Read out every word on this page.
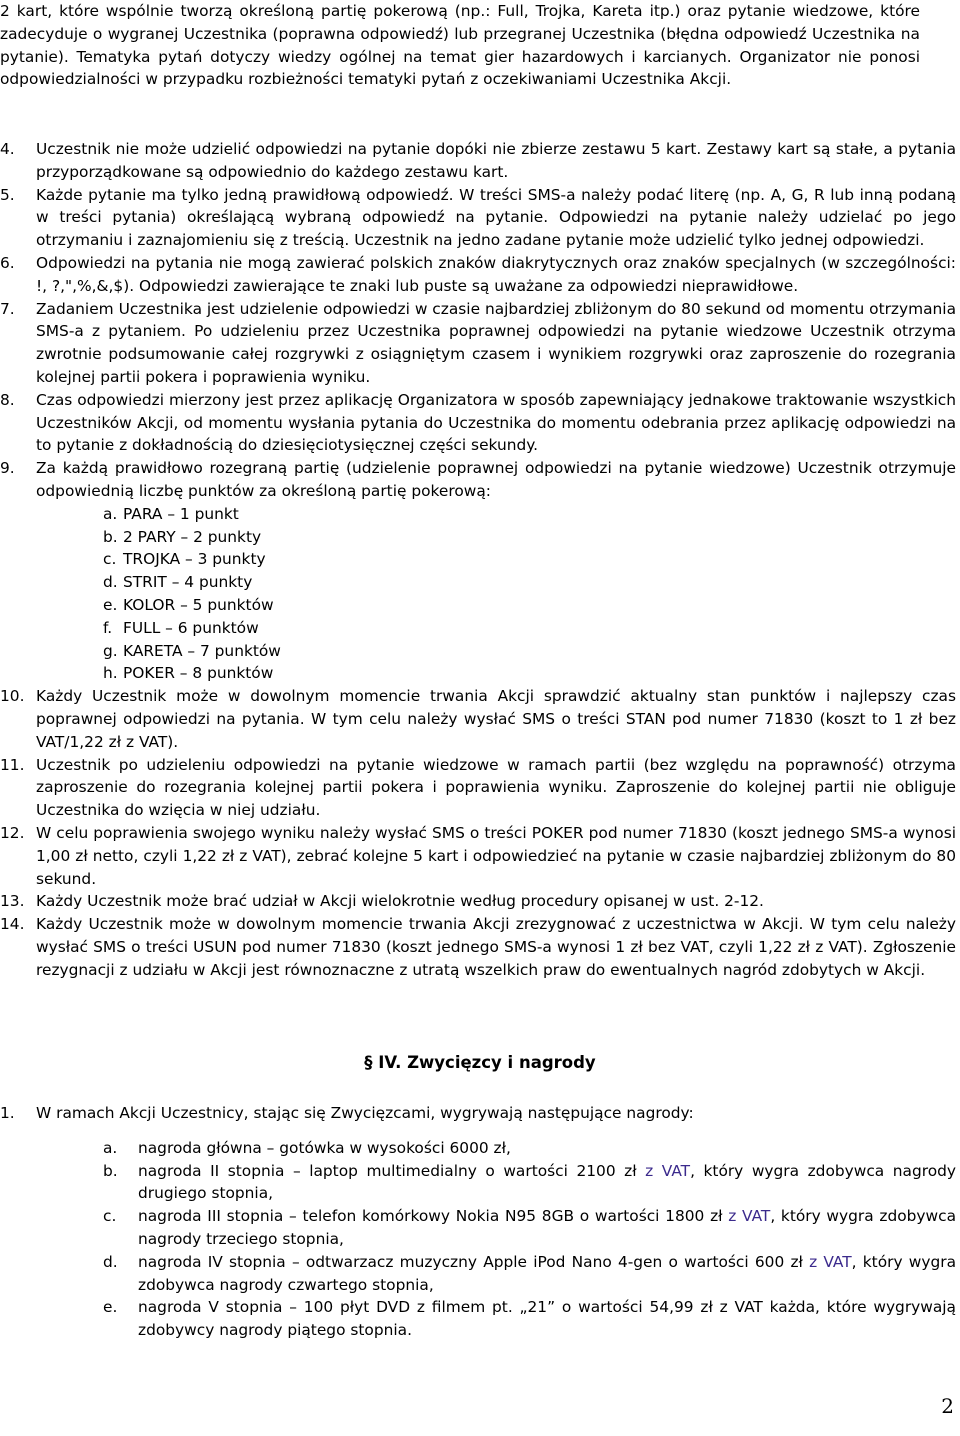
2 kart, które wspólnie tworzą określoną partię pokerową (np.: Full, Trojka, Kareta itp.) oraz pytanie wiedzowe, które zadecyduje o wygranej Uczestnika (poprawna odpowiedź) lub przegranej Uczestnika (błędna odpowiedź Uczestnika na pytanie). Tematyka pytań dotyczy wiedzy ogólnej na temat gier hazardowych i karcianych. Organizator nie ponosi odpowiedzialności w przypadku rozbieżności tematyki pytań z oczekiwaniami Uczestnika Akcji.

4.	Uczestnik nie może udzielić odpowiedzi na pytanie dopóki nie zbierze zestawu 5 kart. Zestawy kart są stałe, a pytania przyporządkowane są odpowiednio do każdego zestawu kart.
5.	Każde pytanie ma tylko jedną prawidłową odpowiedź. W treści SMS-a należy podać literę (np. A, G, R lub inną podaną w treści pytania) określającą wybraną odpowiedź na pytanie. Odpowiedzi na pytanie należy udzielać po jego otrzymaniu i zaznajomieniu się z treścią. Uczestnik na jedno zadane pytanie może udzielić tylko jednej odpowiedzi.
6.	Odpowiedzi na pytania nie mogą zawierać polskich znaków diakrytycznych oraz znaków specjalnych (w szczególności: !, ?,",%,&,$). Odpowiedzi zawierające te znaki lub puste są uważane za odpowiedzi nieprawidłowe.
7.	Zadaniem Uczestnika jest udzielenie odpowiedzi w czasie najbardziej zbliżonym do 80 sekund od momentu otrzymania SMS-a z pytaniem. Po udzieleniu przez Uczestnika poprawnej odpowiedzi na pytanie wiedzowe Uczestnik otrzyma zwrotnie podsumowanie całej rozgrywki z osiągniętym czasem i wynikiem rozgrywki oraz zaproszenie do rozegrania kolejnej partii pokera i poprawienia wyniku.
8.	Czas odpowiedzi mierzony jest przez aplikację Organizatora w sposób zapewniający jednakowe traktowanie wszystkich Uczestników Akcji, od momentu wysłania pytania do Uczestnika do momentu odebrania przez aplikację odpowiedzi na to pytanie z dokładnością do dziesięciotysięcznej części sekundy.
9.	Za każdą prawidłowo rozegraną partię (udzielenie poprawnej odpowiedzi na pytanie wiedzowe) Uczestnik otrzymuje odpowiednią liczbę punktów za określoną partię pokerową:
a. PARA – 1 punkt
b. 2 PARY – 2 punkty
c. TROJKA – 3 punkty
d. STRIT – 4 punkty
e. KOLOR – 5 punktów
f. FULL – 6 punktów
g. KARETA – 7 punktów
h. POKER – 8 punktów
10. Każdy Uczestnik może w dowolnym momencie trwania Akcji sprawdzić aktualny stan punktów i najlepszy czas poprawnej odpowiedzi na pytania. W tym celu należy wysłać SMS o treści STAN pod numer 71830 (koszt to 1 zł bez VAT/1,22 zł z VAT).
11. Uczestnik po udzieleniu odpowiedzi na pytanie wiedzowe w ramach partii (bez względu na poprawność) otrzyma zaproszenie do rozegrania kolejnej partii pokera i poprawienia wyniku. Zaproszenie do kolejnej partii nie obliguje Uczestnika do wzięcia w niej udziału.
12. W celu poprawienia swojego wyniku należy wysłać SMS o treści POKER pod numer 71830 (koszt jednego SMS-a wynosi 1,00 zł netto, czyli 1,22 zł z VAT), zebrać kolejne 5 kart i odpowiedzieć na pytanie w czasie najbardziej zbliżonym do 80 sekund.
13. Każdy Uczestnik może brać udział w Akcji wielokrotnie według procedury opisanej w ust. 2-12.
14. Każdy Uczestnik może w dowolnym momencie trwania Akcji zrezygnować z uczestnictwa w Akcji. W tym celu należy wysłać SMS o treści USUN pod numer 71830 (koszt jednego SMS-a wynosi 1 zł bez VAT, czyli 1,22 zł z VAT). Zgłoszenie rezygnacji z udziału w Akcji jest równoznaczne z utratą wszelkich praw do ewentualnych nagród zdobytych w Akcji.

§ IV. Zwycięzcy i nagrody

1.	W ramach Akcji Uczestnicy, stając się Zwycięzcami, wygrywają następujące nagrody:
a. nagroda główna – gotówka w wysokości 6000 zł,
b. nagroda II stopnia – laptop multimedialny o wartości 2100 zł z VAT, który wygra zdobywca nagrody drugiego stopnia,
c. nagroda III stopnia – telefon komórkowy Nokia N95 8GB o wartości 1800 zł z VAT, który wygra zdobywca nagrody trzeciego stopnia,
d. nagroda IV stopnia – odtwarzacz muzyczny Apple iPod Nano 4-gen o wartości 600 zł z VAT, który wygra zdobywca nagrody czwartego stopnia,
e. nagroda V stopnia – 100 płyt DVD z filmem pt. „21” o wartości 54,99 zł z VAT każda, które wygrywają zdobywcy nagrody piątego stopnia.
2
